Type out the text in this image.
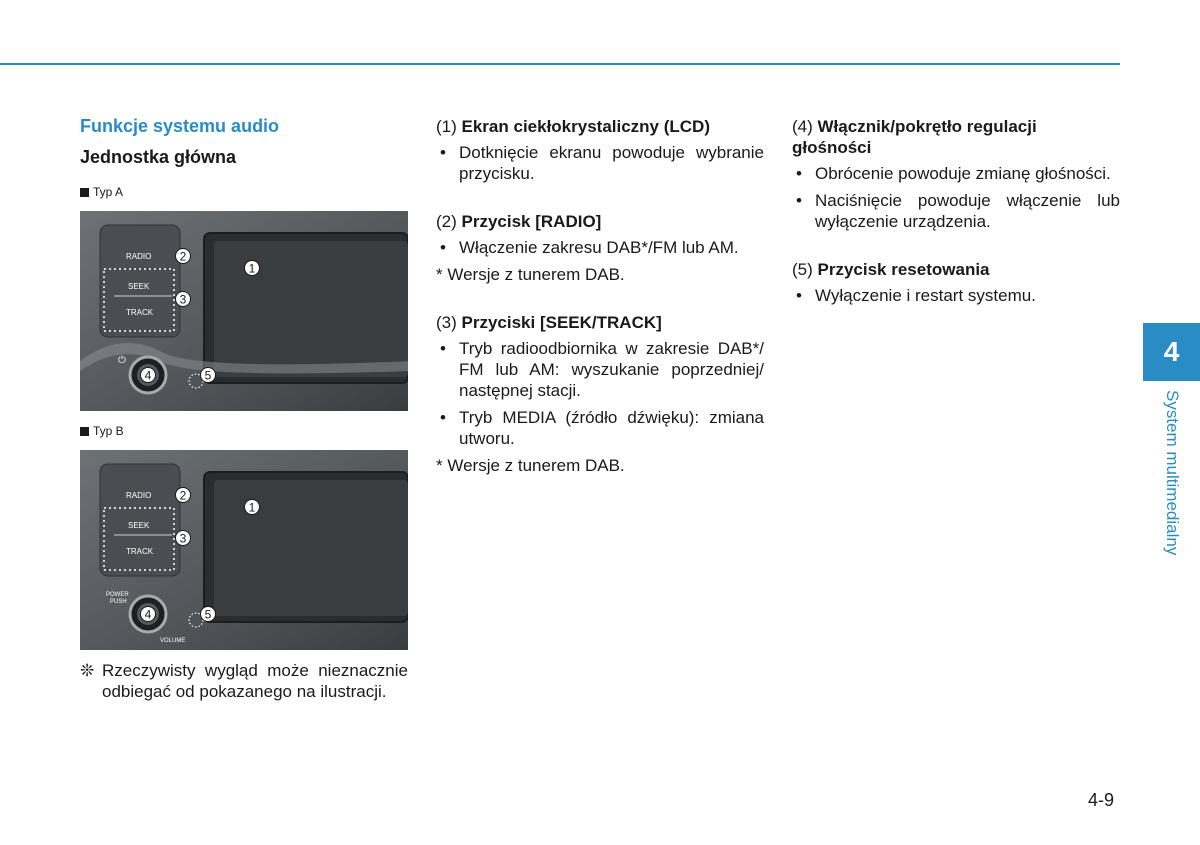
Funkcje systemu audio
Jednostka główna
Typ A
RADIO
SEEK
TRACK
⏻
1
2
3
4	5
Typ B
RADIO
SEEK
TRACK
POWER
PUSH
VOLUME
1
2
3
4	5
❊ Rzeczywisty wygląd może nieznacznie odbiegać od pokazanego na ilustracji.
(1) Ekran ciekłokrystaliczny (LCD)
• Dotknięcie ekranu powoduje wybranie przycisku.
(2) Przycisk [RADIO]
• Włączenie zakresu DAB*/FM lub AM.
* Wersje z tunerem DAB.
(3) Przyciski [SEEK/TRACK]
• Tryb radioodbiornika w zakresie DAB*/ FM lub AM: wyszukanie poprzedniej/ następnej stacji.
• Tryb MEDIA (źródło dźwięku): zmiana utworu.
* Wersje z tunerem DAB.
(4) Włącznik/pokrętło regulacji głośności
• Obrócenie powoduje zmianę głośności.
• Naciśnięcie powoduje włączenie lub wyłączenie urządzenia.
(5) Przycisk resetowania
• Wyłączenie i restart systemu.
4
System multimedialny
4-9
